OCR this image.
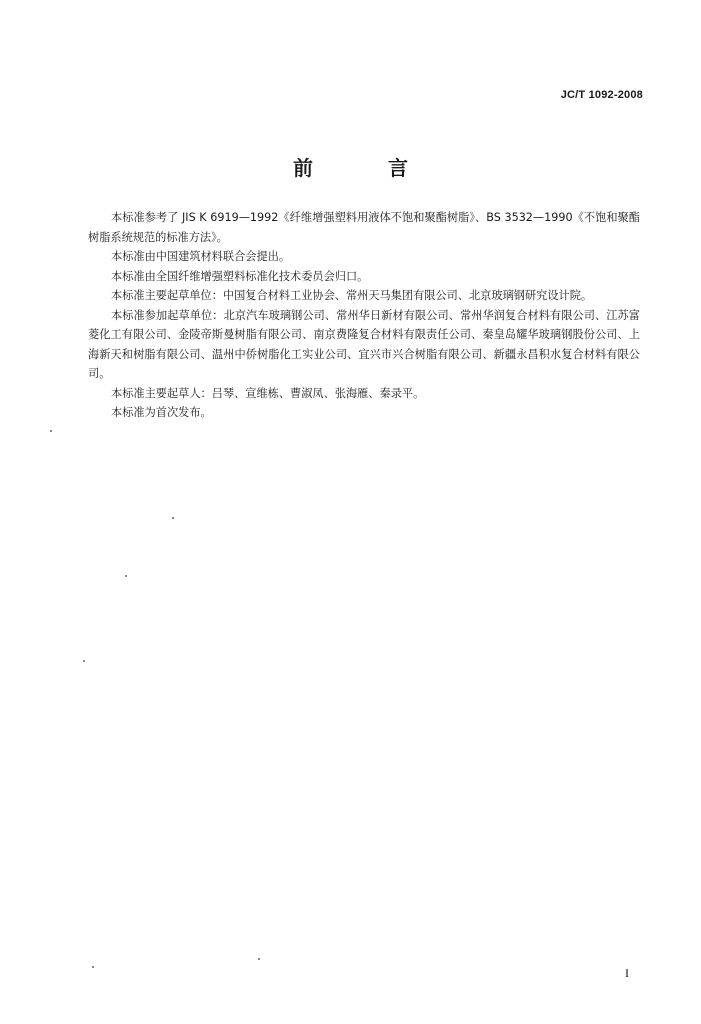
JC/T 1092-2008
前 言

本标准参考了 JIS K 6919—1992《纤维增强塑料用液体不饱和聚酯树脂》、BS 3532—1990《不饱和聚酯树脂系统规范的标准方法》。

本标准由中国建筑材料联合会提出。

本标准由全国纤维增强塑料标准化技术委员会归口。

本标准主要起草单位：中国复合材料工业协会、常州天马集团有限公司、北京玻璃钢研究设计院。

本标准参加起草单位：北京汽车玻璃钢公司、常州华日新材有限公司、常州华润复合材料有限公司、江苏富菱化工有限公司、金陵帝斯曼树脂有限公司、南京费隆复合材料有限责任公司、秦皇岛耀华玻璃钢股份公司、上海新天和树脂有限公司、温州中侨树脂化工实业公司、宜兴市兴合树脂有限公司、新疆永昌积水复合材料有限公司。

本标准主要起草人：吕琴、宣维栋、曹淑凤、张海雁、秦录平。

本标准为首次发布。

I
